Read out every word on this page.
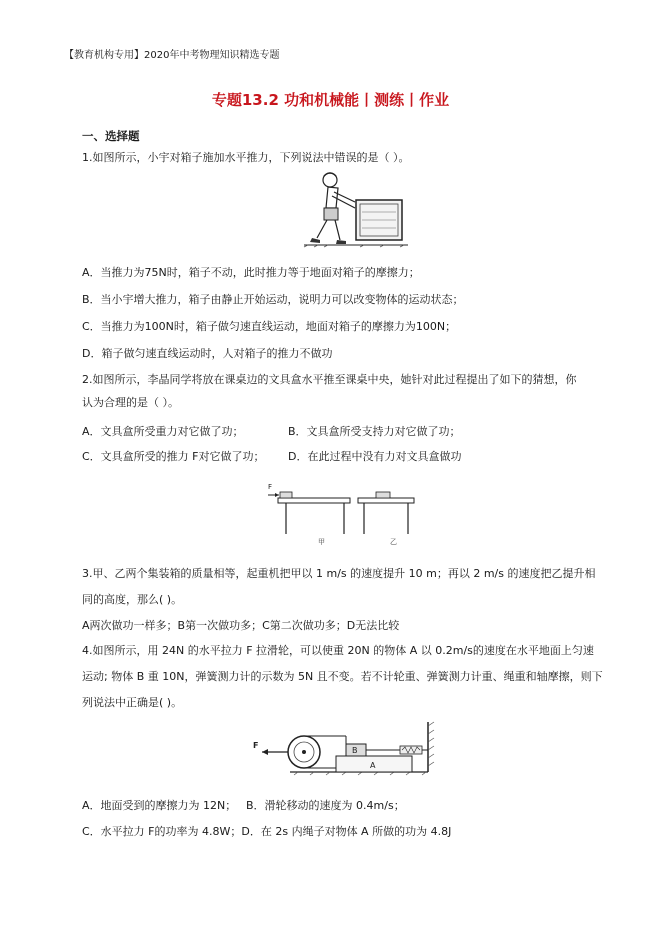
【教育机构专用】2020年中考物理知识精选专题
专题13.2 功和机械能丨测练丨作业
一、选择题
1.如图所示，小宇对箱子施加水平推力，下列说法中错误的是（ ）。
A．当推力为75N时，箱子不动，此时推力等于地面对箱子的摩擦力；
B．当小宇增大推力，箱子由静止开始运动，说明力可以改变物体的运动状态；
C．当推力为100N时，箱子做匀速直线运动，地面对箱子的摩擦力为100N；
D．箱子做匀速直线运动时，人对箱子的推力不做功
2.如图所示，李晶同学将放在课桌边的文具盒水平推至课桌中央，她针对此过程提出了如下的猜想，你
认为合理的是（ ）。
A．文具盒所受重力对它做了功；	B．文具盒所受支持力对它做了功；
C．文具盒所受的推力 F对它做了功； D．在此过程中没有力对文具盒做功
F
甲	乙
3.甲、乙两个集装箱的质量相等，起重机把甲以 1 m/s 的速度提升 10 m；再以 2 m/s 的速度把乙提升相
同的高度，那么( )。
A两次做功一样多；B第一次做功多；C第二次做功多；D无法比较
4.如图所示，用 24N 的水平拉力 F 拉滑轮，可以使重 20N 的物体 A 以 0.2m/s的速度在水平地面上匀速
运动; 物体 B 重 10N，弹簧测力计的示数为 5N 且不变。若不计轮重、弹簧测力计重、绳重和轴摩擦，则下
列说法中正确是( )。
A
B
F
A．地面受到的摩擦力为 12N； B．滑轮移动的速度为 0.4m/s；
C．水平拉力 F的功率为 4.8W；D．在 2s 内绳子对物体 A 所做的功为 4.8J
